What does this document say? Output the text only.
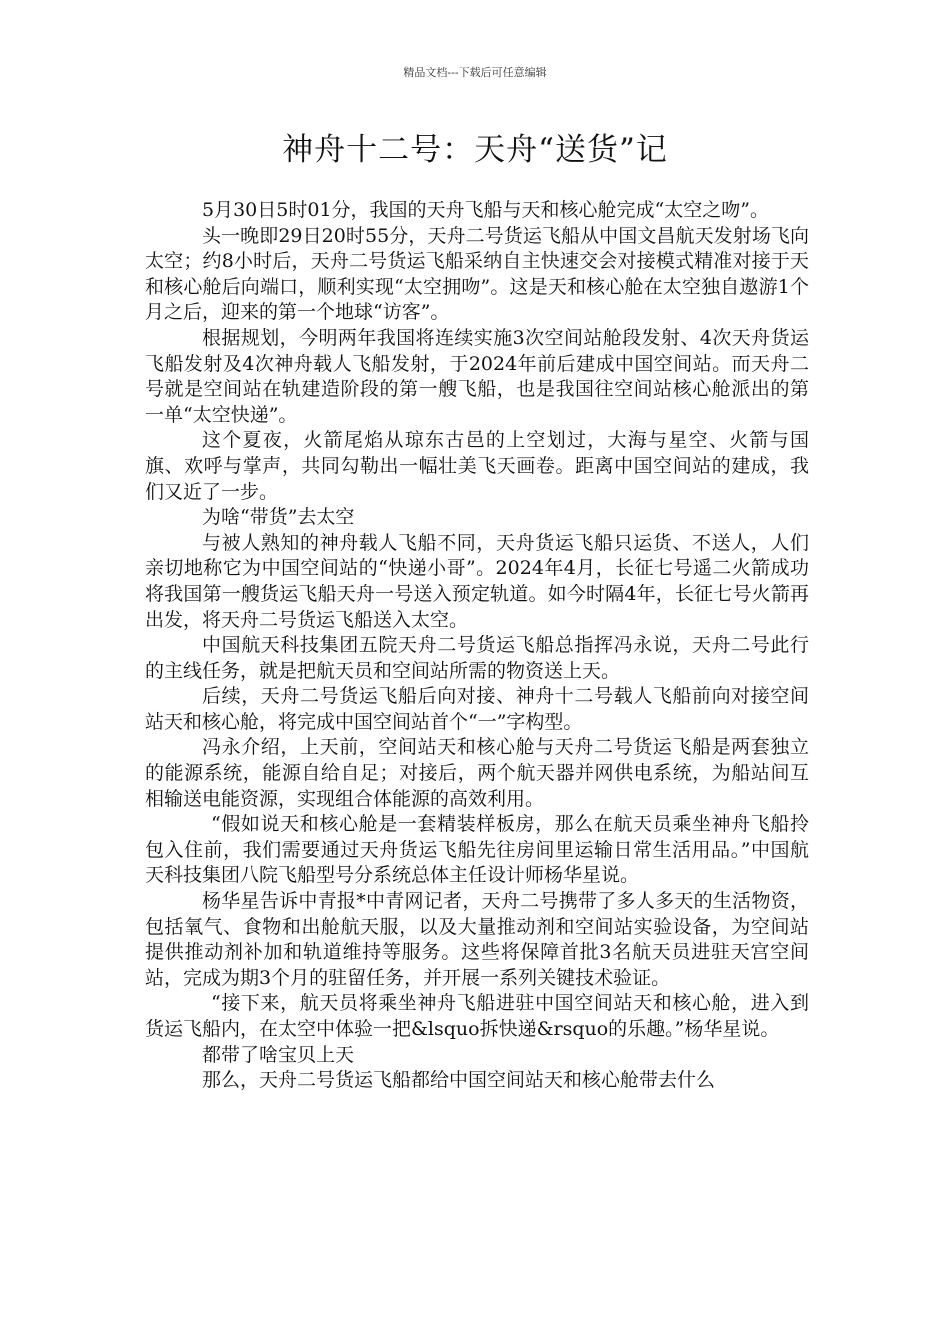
精品文档---下载后可任意编辑
神舟十二号：天舟“送货”记

5月30日5时01分，我国的天舟飞船与天和核心舱完成“太空之吻”。

头一晚即29日20时55分，天舟二号货运飞船从中国文昌航天发射场飞向太空；约8小时后，天舟二号货运飞船采纳自主快速交会对接模式精准对接于天和核心舱后向端口，顺利实现“太空拥吻”。这是天和核心舱在太空独自遨游1个月之后，迎来的第一个地球“访客”。

根据规划，今明两年我国将连续实施3次空间站舱段发射、4次天舟货运飞船发射及4次神舟载人飞船发射，于2024年前后建成中国空间站。而天舟二号就是空间站在轨建造阶段的第一艘飞船，也是我国往空间站核心舱派出的第一单“太空快递”。

这个夏夜，火箭尾焰从琼东古邑的上空划过，大海与星空、火箭与国旗、欢呼与掌声，共同勾勒出一幅壮美飞天画卷。距离中国空间站的建成，我们又近了一步。

为啥“带货”去太空

与被人熟知的神舟载人飞船不同，天舟货运飞船只运货、不送人，人们亲切地称它为中国空间站的“快递小哥”。2024年4月，长征七号遥二火箭成功将我国第一艘货运飞船天舟一号送入预定轨道。如今时隔4年，长征七号火箭再出发，将天舟二号货运飞船送入太空。

中国航天科技集团五院天舟二号货运飞船总指挥冯永说，天舟二号此行的主线任务，就是把航天员和空间站所需的物资送上天。

后续，天舟二号货运飞船后向对接、神舟十二号载人飞船前向对接空间站天和核心舱，将完成中国空间站首个“一”字构型。

冯永介绍，上天前，空间站天和核心舱与天舟二号货运飞船是两套独立的能源系统，能源自给自足；对接后，两个航天器并网供电系统，为船站间互相输送电能资源，实现组合体能源的高效利用。

“假如说天和核心舱是一套精装样板房，那么在航天员乘坐神舟飞船拎包入住前，我们需要通过天舟货运飞船先往房间里运输日常生活用品。”中国航天科技集团八院飞船型号分系统总体主任设计师杨华星说。

杨华星告诉中青报*中青网记者，天舟二号携带了多人多天的生活物资，包括氧气、食物和出舱航天服，以及大量推动剂和空间站实验设备，为空间站提供推动剂补加和轨道维持等服务。这些将保障首批3名航天员进驻天宫空间站，完成为期3个月的驻留任务，并开展一系列关键技术验证。

“接下来，航天员将乘坐神舟飞船进驻中国空间站天和核心舱，进入到货运飞船内，在太空中体验一把&lsquo拆快递&rsquo的乐趣。”杨华星说。

都带了啥宝贝上天

那么，天舟二号货运飞船都给中国空间站天和核心舱带去什么
